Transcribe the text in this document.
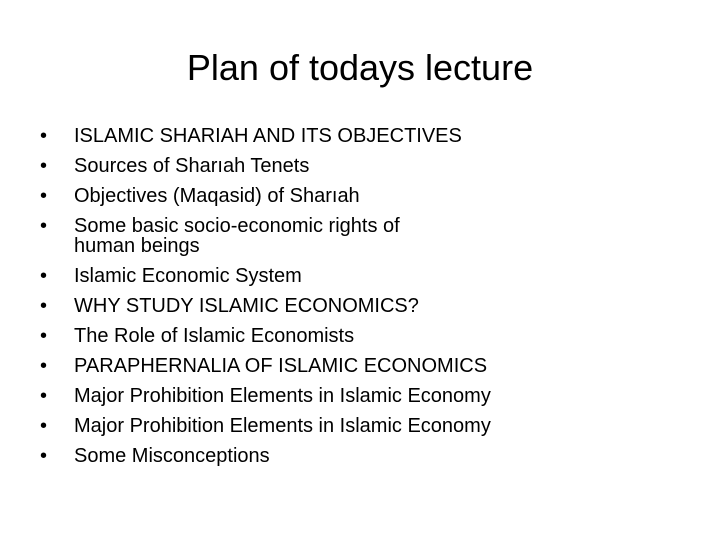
Plan of todays lecture
•	ISLAMIC SHARIAH AND ITS OBJECTIVES
•	Sources of Sharıah Tenets
•	Objectives (Maqasid) of Sharıah
•	Some basic socio-economic rights of human beings
•	Islamic Economic System
•	WHY STUDY ISLAMIC ECONOMICS?
•	The Role of Islamic Economists
•	PARAPHERNALIA OF ISLAMIC ECONOMICS
•	Major Prohibition Elements in Islamic Economy
•	Major Prohibition Elements in Islamic Economy
•	Some Misconceptions
